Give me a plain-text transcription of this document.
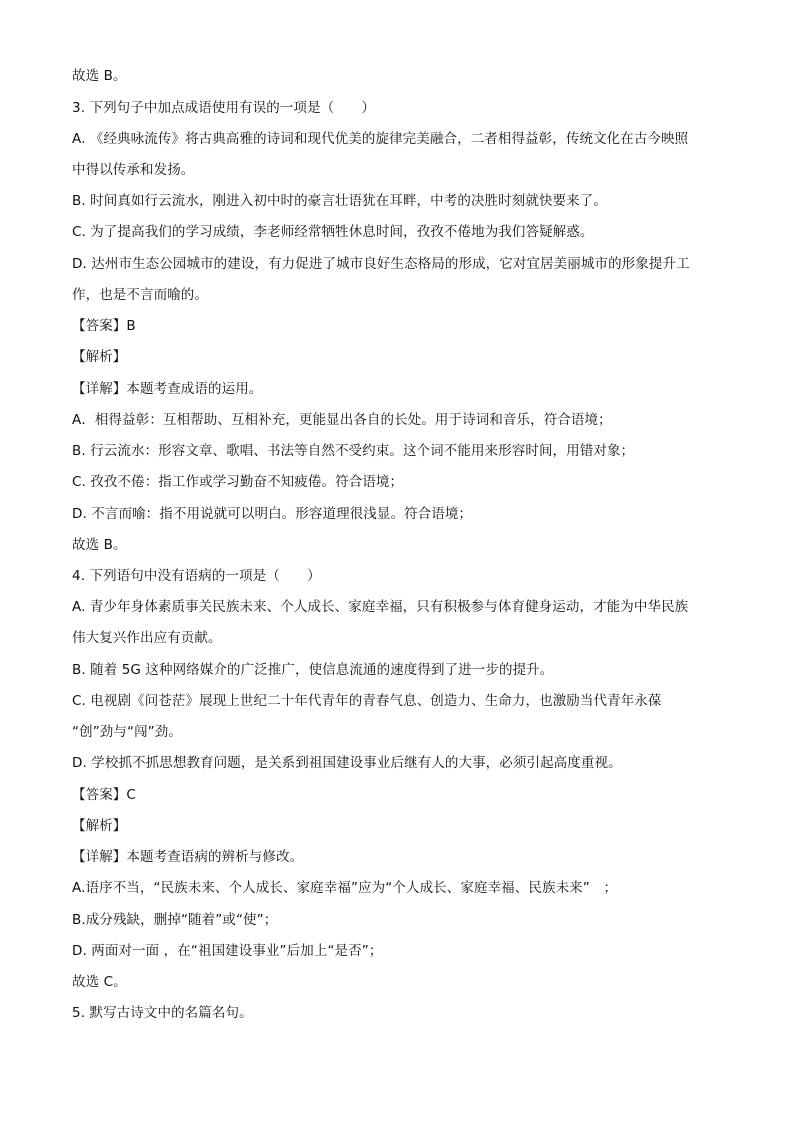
故选 B。
3. 下列句子中加点成语使用有误的一项是（　　）
A. 《经典咏流传》将古典高雅的诗词和现代优美的旋律完美融合，二者相得益彰，传统文化在古今映照
中得以传承和发扬。
B. 时间真如行云流水，刚进入初中时的豪言壮语犹在耳畔，中考的决胜时刻就快要来了。
C. 为了提高我们的学习成绩，李老师经常牺牲休息时间，孜孜不倦地为我们答疑解惑。
D. 达州市生态公园城市的建设，有力促进了城市良好生态格局的形成，它对宜居美丽城市的形象提升工
作，也是不言而喻的。
【答案】B
【解析】
【详解】本题考查成语的运用。
A．相得益彰：互相帮助、互相补充，更能显出各自的长处。用于诗词和音乐，符合语境；
B. 行云流水：形容文章、歌唱、书法等自然不受约束。这个词不能用来形容时间，用错对象；
C. 孜孜不倦：指工作或学习勤奋不知疲倦。符合语境；
D. 不言而喻：指不用说就可以明白。形容道理很浅显。符合语境；
故选 B。
4. 下列语句中没有语病的一项是（　　）
A. 青少年身体素质事关民族未来、个人成长、家庭幸福，只有积极参与体育健身运动，才能为中华民族
伟大复兴作出应有贡献。
B. 随着 5G 这种网络媒介的广泛推广，使信息流通的速度得到了进一步的提升。
C. 电视剧《问苍茫》展现上世纪二十年代青年的青春气息、创造力、生命力，也激励当代青年永葆
“创”劲与“闯”劲。
D. 学校抓不抓思想教育问题，是关系到祖国建设事业后继有人的大事，必须引起高度重视。
【答案】C
【解析】
【详解】本题考查语病的辨析与修改。
A.语序不当，“民族未来、个人成长、家庭幸福”应为“个人成长、家庭幸福、民族未来”　；
B.成分残缺，删掉“随着”或“使”；
D. 两面对一面 ，在“祖国建设事业”后加上“是否”；
故选 C。
5. 默写古诗文中的名篇名句。
